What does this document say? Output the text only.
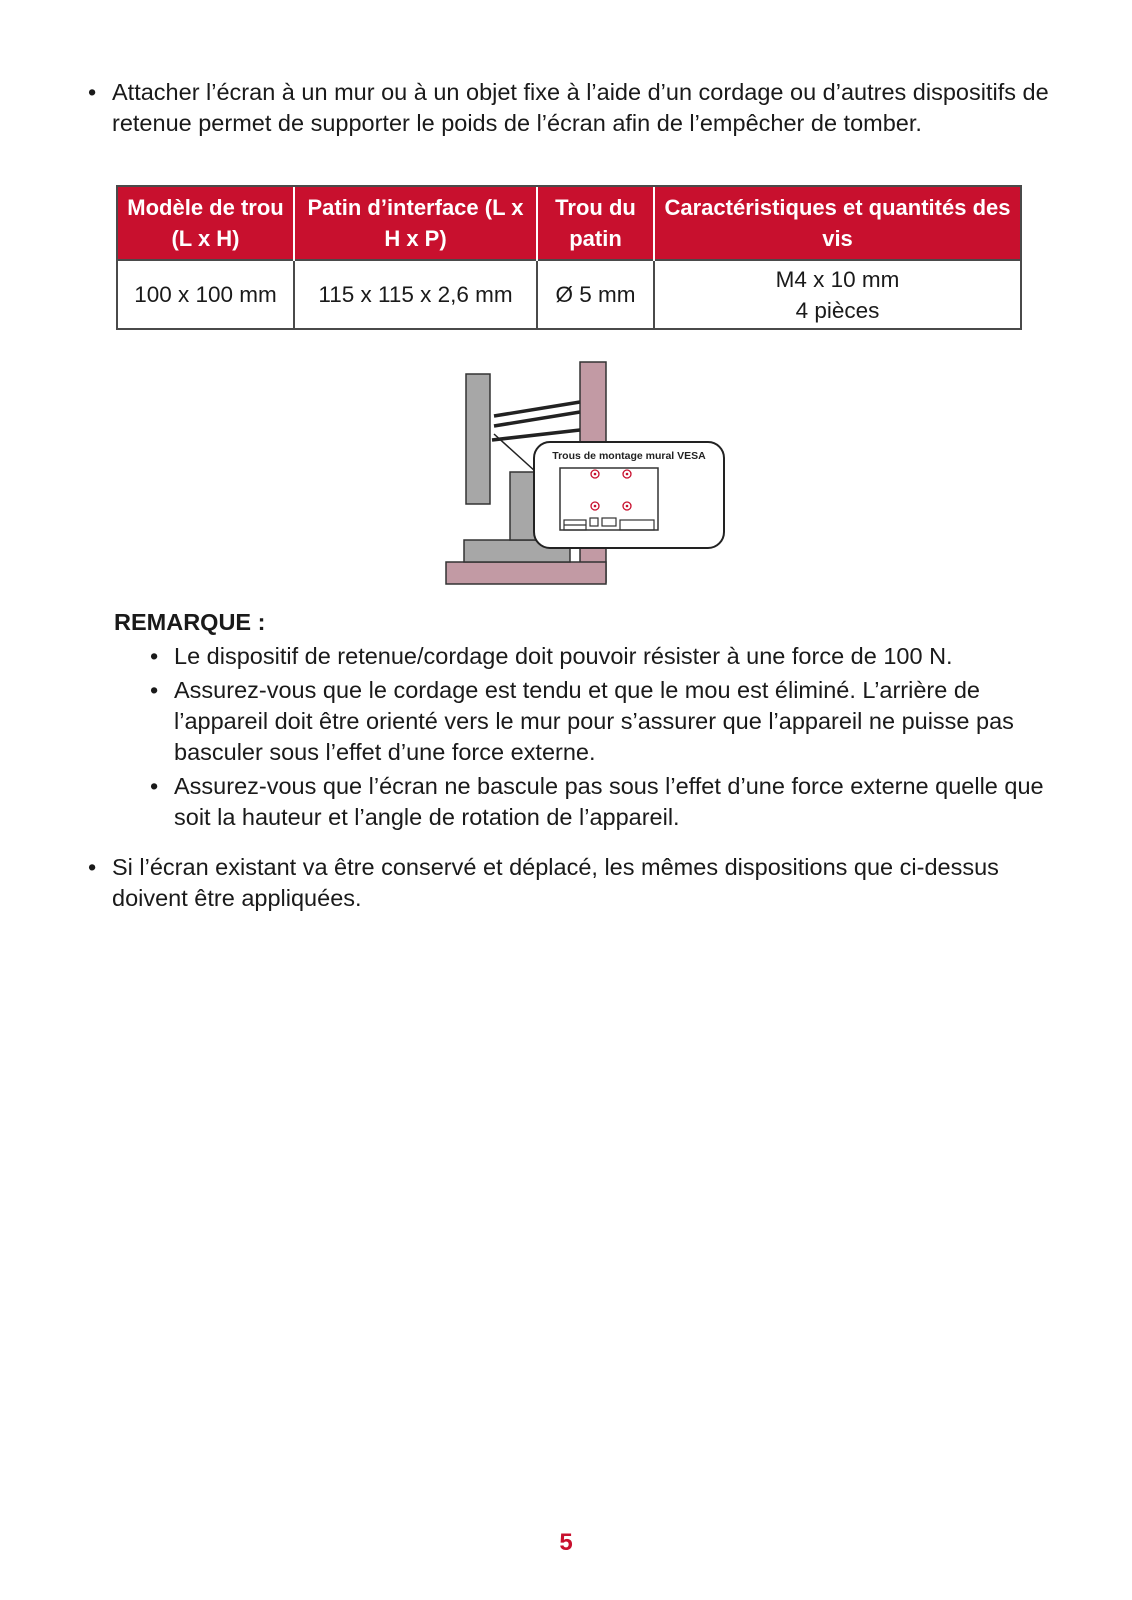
• Attacher l’écran à un mur ou à un objet fixe à l’aide d’un cordage ou d’autres dispositifs de retenue permet de supporter le poids de l’écran afin de l’empêcher de tomber.
Modèle de trou (L x H)	Patin d’interface (L x H x P)	Trou du patin	Caractéristiques et quantités des vis
100 x 100 mm	115 x 115 x 2,6 mm	Ø 5 mm	M4 x 10 mm
4 pièces
Trous de montage mural VESA
REMARQUE :
• Le dispositif de retenue/cordage doit pouvoir résister à une force de 100 N.
• Assurez-vous que le cordage est tendu et que le mou est éliminé. L’arrière de l’appareil doit être orienté vers le mur pour s’assurer que l’appareil ne puisse pas basculer sous l’effet d’une force externe.
• Assurez-vous que l’écran ne bascule pas sous l’effet d’une force externe quelle que soit la hauteur et l’angle de rotation de l’appareil.
• Si l’écran existant va être conservé et déplacé, les mêmes dispositions que ci-dessus doivent être appliquées.
5
